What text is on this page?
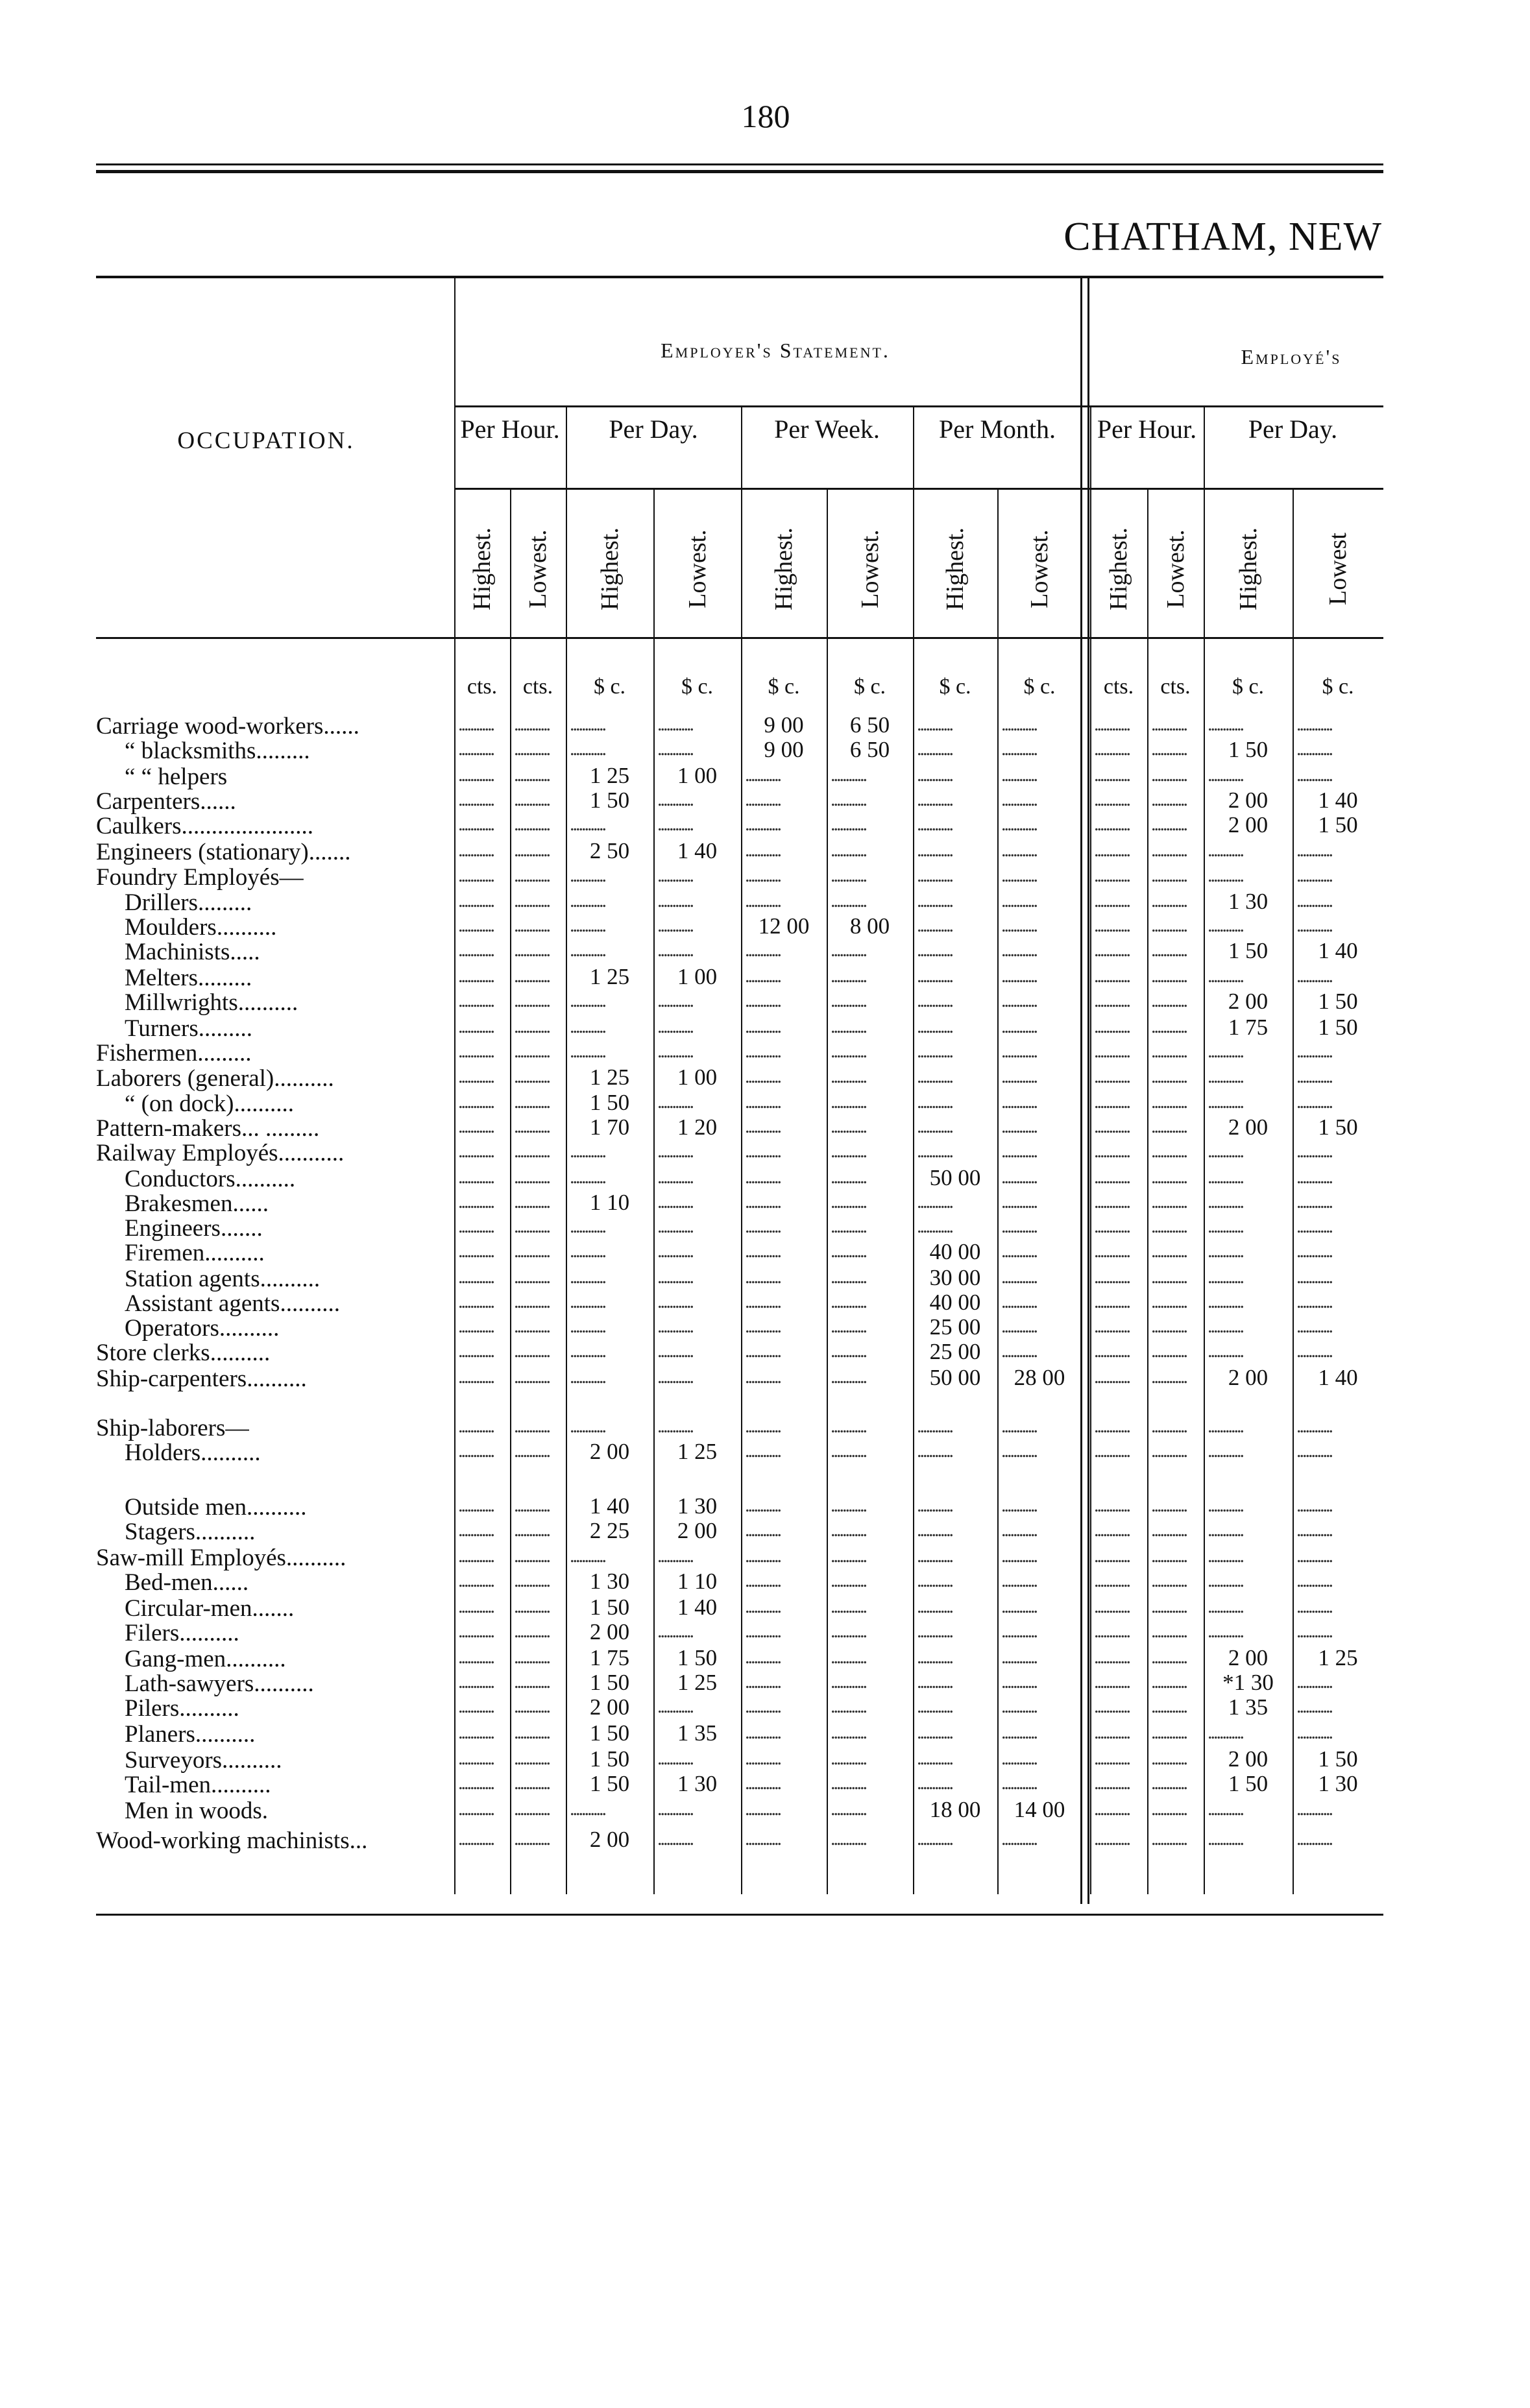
180
CHATHAM, NEW
Employer's Statement.	Employé's
OCCUPATION.	Per Hour.	Per Day.	Per Week.	Per Month.	Per Hour.	Per Day.
Highest. Lowest. Highest. Lowest. Highest. Lowest. Highest. Lowest. Highest. Lowest. Highest.	Lowest
cts.	cts.	$ c.	$ c.	$ c.	$ c.	$ c.	$ c.	cts.	cts.	$ c.	$ c.
Carriage wood-workers......	............	............	............	............	9 00	6 50	............	............	............	............	............	............
“ blacksmiths.........	............	............	............	............	9 00	6 50	............	............	............	............	1 50	............
“ “ helpers	............	............	1 25	1 00	............	............	............	............	............	............	............	............
Carpenters......	............	............	1 50	............	............	............	............	............	............	............	2 00	1 40
Caulkers......................	............	............	............	............	............	............	............	............	............	............	2 00	1 50
Engineers (stationary).......	............	............	2 50	1 40	............	............	............	............	............	............	............	............
Foundry Employés—	............	............	............	............	............	............	............	............	............	............	............	............
Drillers.........	............	............	............	............	............	............	............	............	............	............	1 30	............
Moulders..........	............	............	............	............	12 00	8 00	............	............	............	............	............	............
Machinists.....	............	............	............	............	............	............	............	............	............	............	1 50	1 40
Melters.........	............	............	1 25	1 00	............	............	............	............	............	............	............	............
Millwrights..........	............	............	............	............	............	............	............	............	............	............	2 00	1 50
Turners.........	............	............	............	............	............	............	............	............	............	............	1 75	1 50
Fishermen.........	............	............	............	............	............	............	............	............	............	............	............	............
Laborers (general)..........	............	............	1 25	1 00	............	............	............	............	............	............	............	............
“ (on dock)..........	............	............	1 50	............	............	............	............	............	............	............	............	............
Pattern-makers... .........	............	............	1 70	1 20	............	............	............	............	............	............	2 00	1 50
Railway Employés...........	............	............	............	............	............	............	............	............	............	............	............	............
Conductors..........	............	............	............	............	............	............	50 00	............	............	............	............	............
Brakesmen......	............	............	1 10	............	............	............	............	............	............	............	............	............
Engineers.......	............	............	............	............	............	............	............	............	............	............	............	............
Firemen..........	............	............	............	............	............	............	40 00	............	............	............	............	............
Station agents..........	............	............	............	............	............	............	30 00	............	............	............	............	............
Assistant agents..........	............	............	............	............	............	............	40 00	............	............	............	............	............
Operators..........	............	............	............	............	............	............	25 00	............	............	............	............	............
Store clerks..........	............	............	............	............	............	............	25 00	............	............	............	............	............
Ship-carpenters..........	............	............	............	............	............	............	50 00	28 00	............	............	2 00	1 40
Ship-laborers—	............	............	............	............	............	............	............	............	............	............	............	............
Holders..........	............	............	2 00	1 25	............	............	............	............	............	............	............	............
Outside men..........	............	............	1 40	1 30	............	............	............	............	............	............	............	............
Stagers..........	............	............	2 25	2 00	............	............	............	............	............	............	............	............
Saw-mill Employés..........	............	............	............	............	............	............	............	............	............	............	............	............
Bed-men......	............	............	1 30	1 10	............	............	............	............	............	............	............	............
Circular-men.......	............	............	1 50	1 40	............	............	............	............	............	............	............	............
Filers..........	............	............	2 00	............	............	............	............	............	............	............	............	............
Gang-men..........	............	............	1 75	1 50	............	............	............	............	............	............	2 00	1 25
Lath-sawyers..........	............	............	1 50	1 25	............	............	............	............	............	............	*1 30	............
Pilers..........	............	............	2 00	............	............	............	............	............	............	............	1 35	............
Planers..........	............	............	1 50	1 35	............	............	............	............	............	............	............	............
Surveyors..........	............	............	1 50	............	............	............	............	............	............	............	2 00	1 50
Tail-men..........	............	............	1 50	1 30	............	............	............	............	............	............	1 50	1 30
Men in woods.	............	............	............	............	............	............	18 00	14 00	............	............	............	............
Wood-working machinists...	............	............	2 00	............	............	............	............	............	............	............	............	............
